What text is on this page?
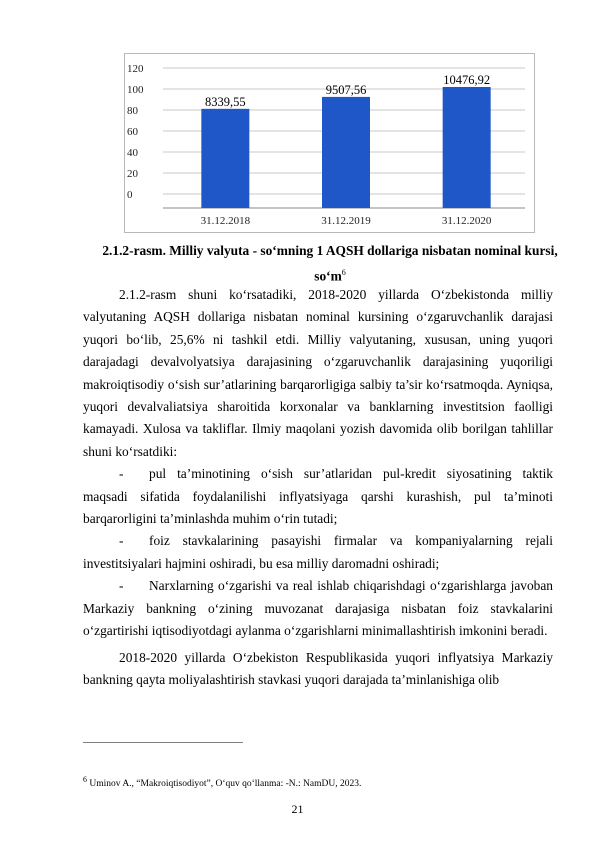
0
20
40
60
80
100
120
8339,55
31.12.2018
9507,56
31.12.2019
10476,92
31.12.2020
2.1.2-rasm. Milliy valyuta - so‘mning 1 AQSH dollariga nisbatan nominal kursi, $so‘m^6$

2.1.2-rasm shuni ko‘rsatadiki, 2018-2020 yillarda O‘zbekistonda milliy valyutaning AQSH dollariga nisbatan nominal kursining o‘zgaruvchanlik darajasi yuqori bo‘lib, 25,6% ni tashkil etdi. Milliy valyutaning, xususan, uning yuqori darajadagi devalvolyatsiya darajasining o‘zgaruvchanlik darajasining yuqoriligi makroiqtisodiy o‘sish sur’atlarining barqarorligiga salbiy ta’sir ko‘rsatmoqda. Ayniqsa, yuqori devalvaliatsiya sharoitida korxonalar va banklarning investitsion faolligi kamayadi. Xulosa va takliflar. Ilmiy maqolani yozish davomida olib borilgan tahlillar shuni ko‘rsatdiki:

- pul ta’minotining o‘sish sur’atlaridan pul-kredit siyosatining taktik maqsadi sifatida foydalanilishi inflyatsiyaga qarshi kurashish, pul ta’minoti barqarorligini ta’minlashda muhim o‘rin tutadi;

- foiz stavkalarining pasayishi firmalar va kompaniyalarning rejali investitsiyalari hajmini oshiradi, bu esa milliy daromadni oshiradi;

- Narxlarning o‘zgarishi va real ishlab chiqarishdagi o‘zgarishlarga javoban Markaziy bankning o‘zining muvozanat darajasiga nisbatan foiz stavkalarini o‘zgartirishi iqtisodiyotdagi aylanma o‘zgarishlarni minimallashtirish imkonini beradi.

2018-2020 yillarda O‘zbekiston Respublikasida yuqori inflyatsiya Markaziy bankning qayta moliyalashtirish stavkasi yuqori darajada ta’minlanishiga olib

$^6$ Uminov A., “Makroiqtisodiyot”, O‘quv qo‘llanma: -N.: NamDU, 2023.
21
